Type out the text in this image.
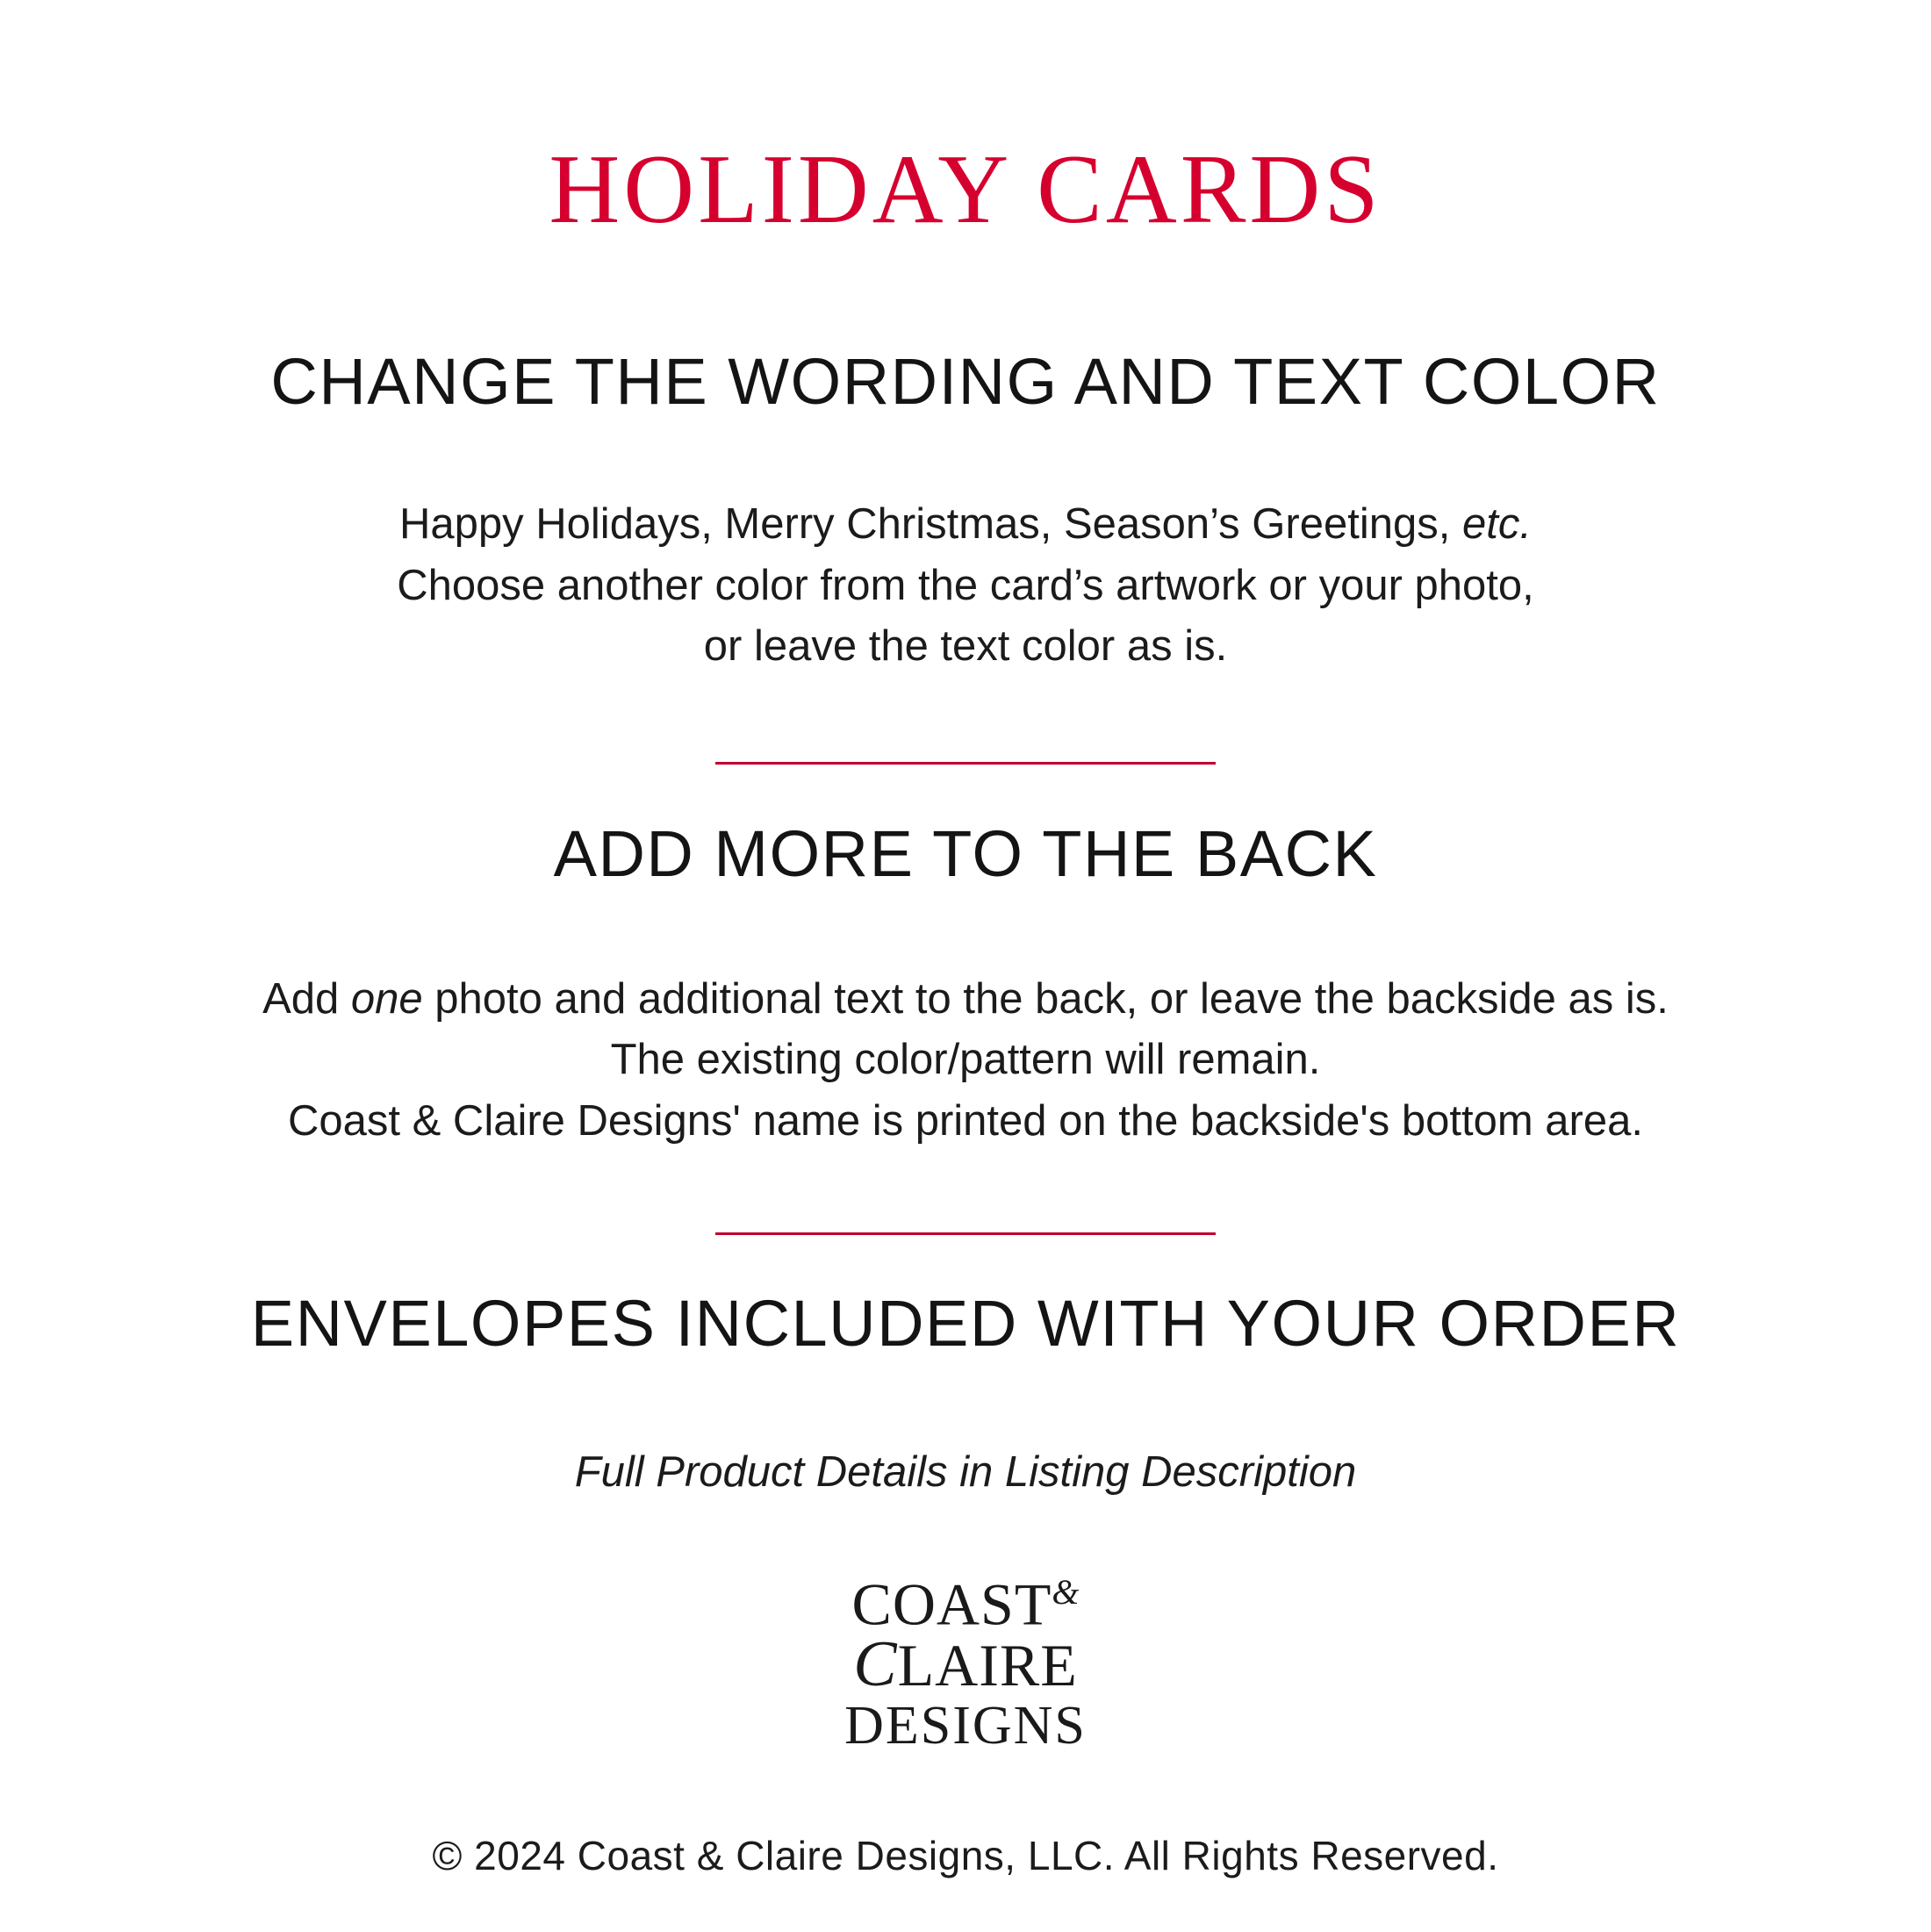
HOLIDAY CARDS
CHANGE THE WORDING AND TEXT COLOR
Happy Holidays, Merry Christmas, Season’s Greetings, etc.
Choose another color from the card’s artwork or your photo,
or leave the text color as is.
ADD MORE TO THE BACK
Add one photo and additional text to the back, or leave the backside as is.
The existing color/pattern will remain.
Coast & Claire Designs' name is printed on the backside's bottom area.
ENVELOPES INCLUDED WITH YOUR ORDER
Full Product Details in Listing Description
COAST&
CLAIRE
DESIGNS
© 2024 Coast & Claire Designs, LLC. All Rights Reserved.
